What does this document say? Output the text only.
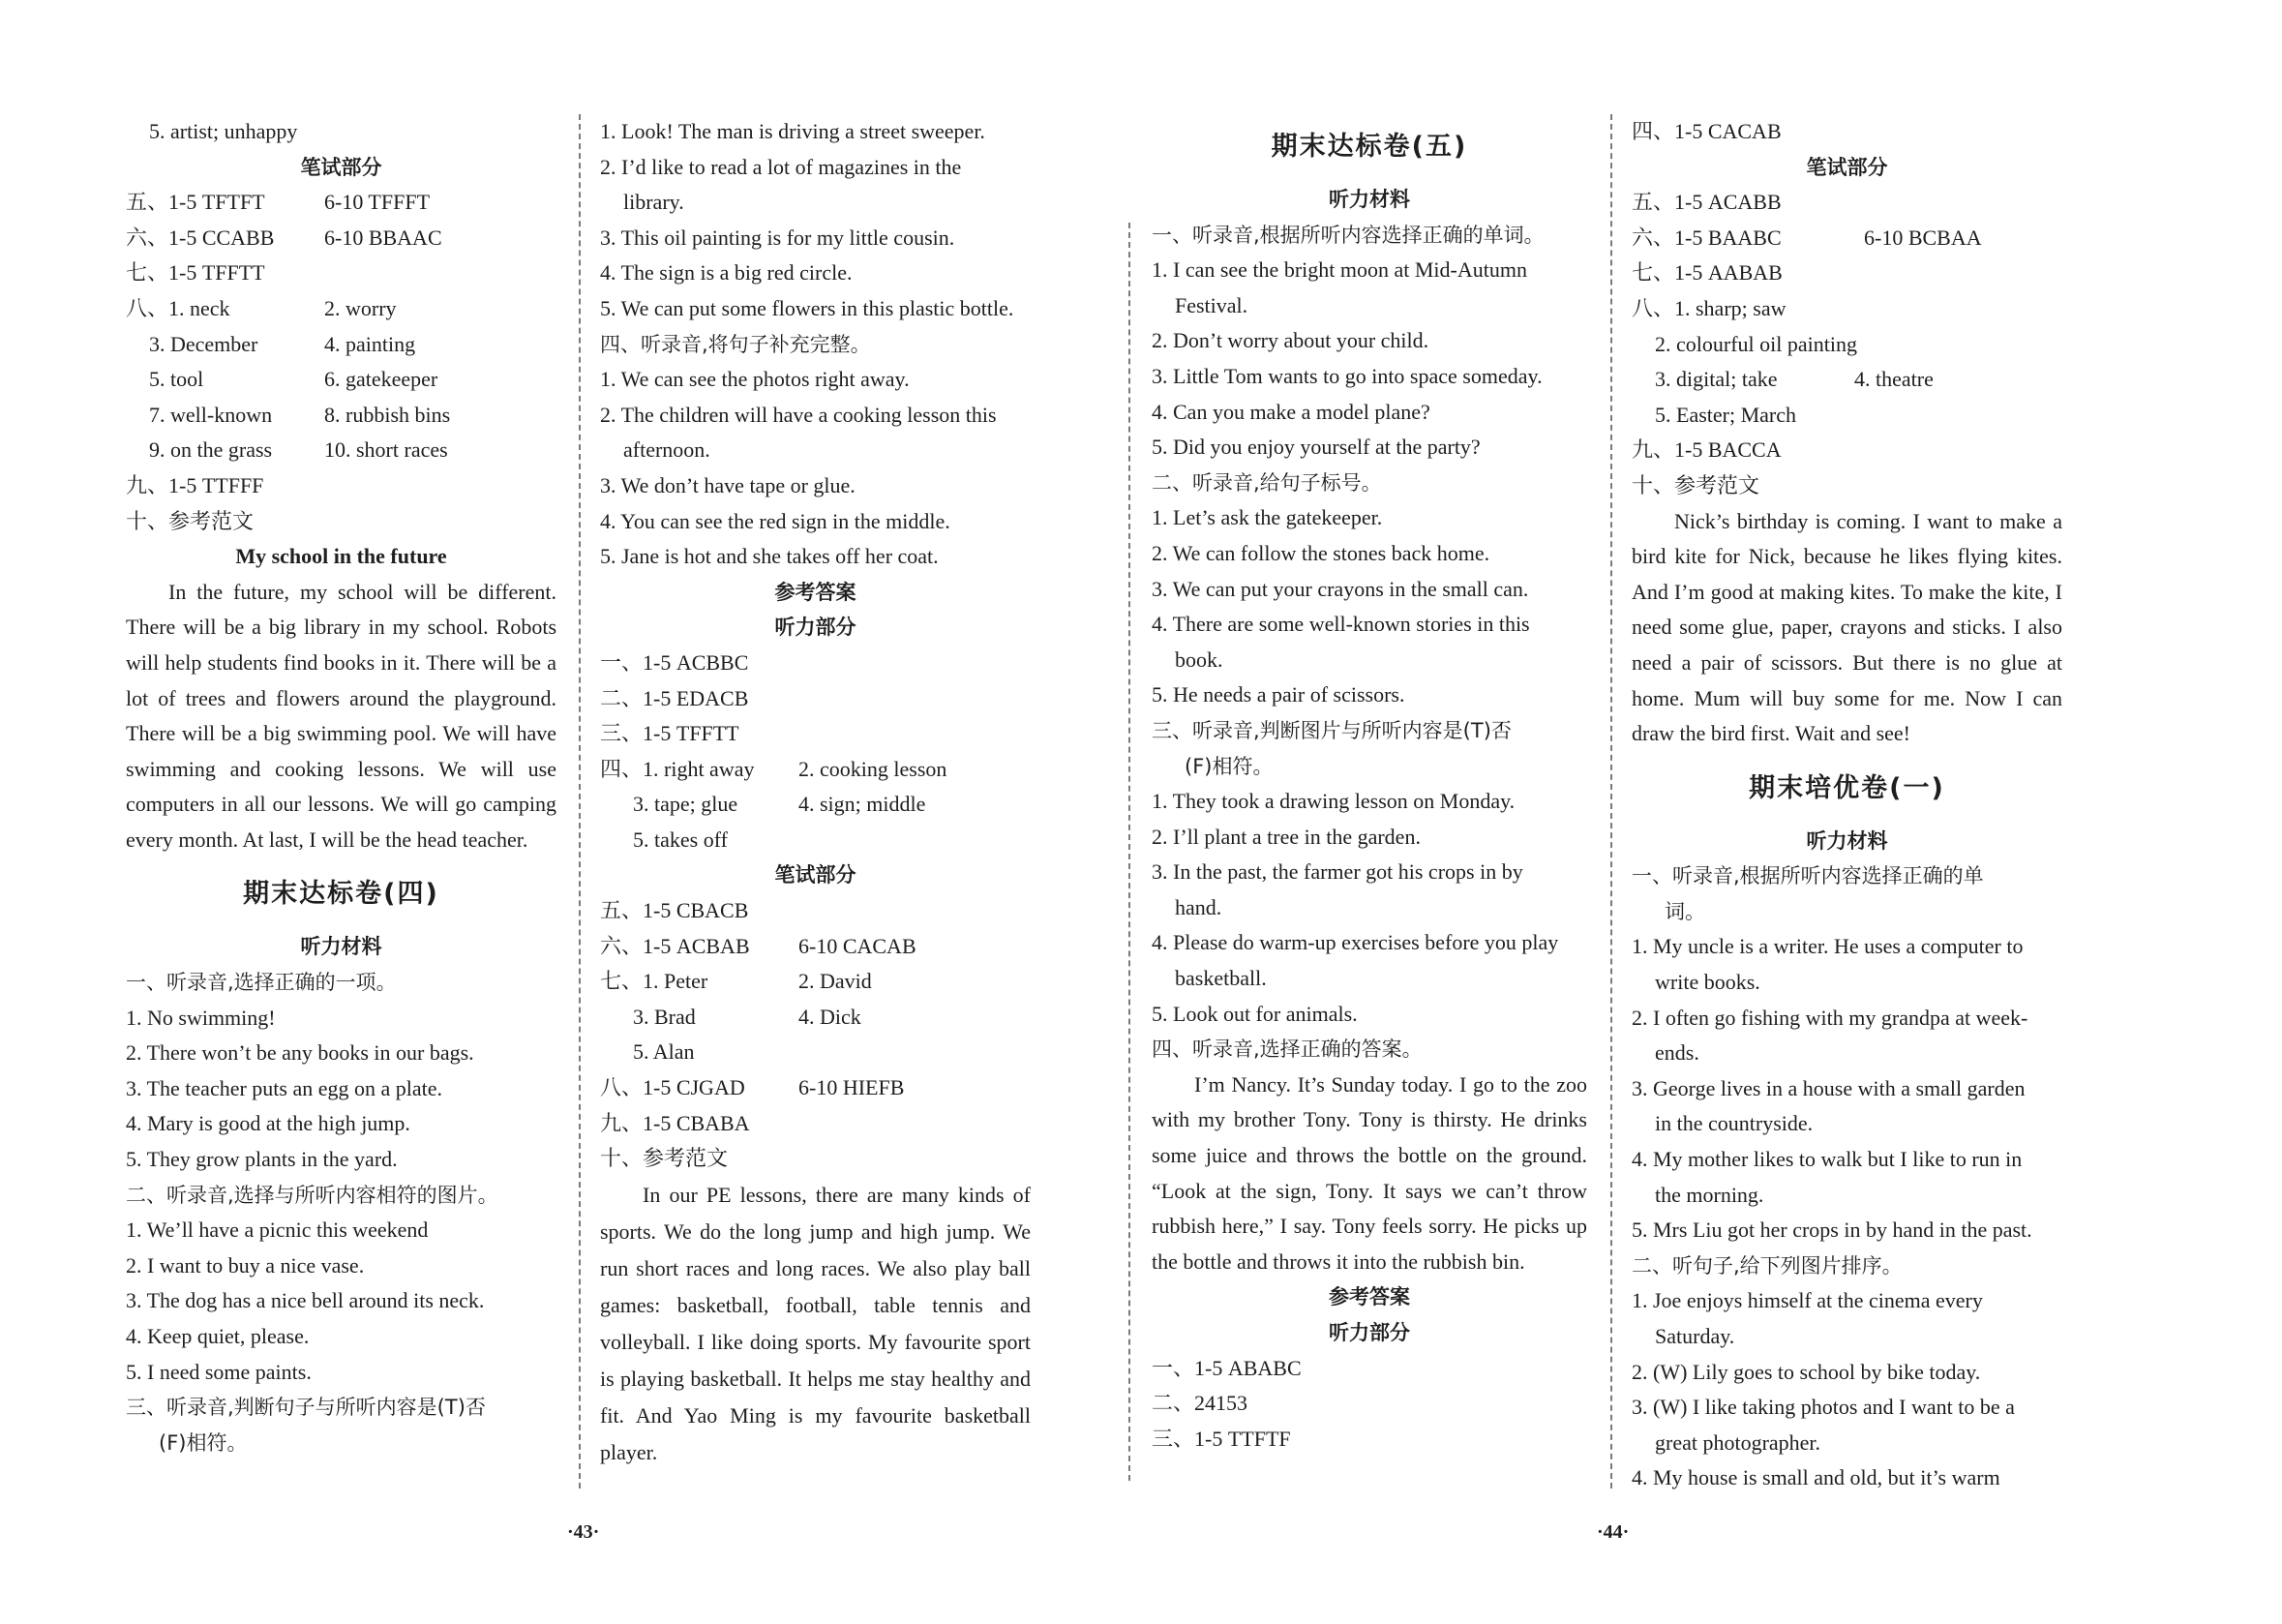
5. artist; unhappy
笔试部分
五、1-5 TFTFT	6-10 TFFFT
六、1-5 CCABB	6-10 BBAAC
七、1-5 TFFTT
八、1. neck	2. worry
3. December	4. painting
5. tool	6. gatekeeper
7. well-known	8. rubbish bins
9. on the grass	10. short races
九、1-5 TTFFF
十、参考范文
My school in the future
In the future, my school will be different. There will be a big library in my school. Robots will help students find books in it. There will be a lot of trees and flowers around the playground. There will be a big swimming pool. We will have swimming and cooking lessons. We will use computers in all our lessons. We will go camping every month. At last, I will be the head teacher.
期末达标卷(四)
听力材料
一、听录音,选择正确的一项。
1. No swimming!
2. There won’t be any books in our bags.
3. The teacher puts an egg on a plate.
4. Mary is good at the high jump.
5. They grow plants in the yard.
二、听录音,选择与所听内容相符的图片。
1. We’ll have a picnic this weekend
2. I want to buy a nice vase.
3. The dog has a nice bell around its neck.
4. Keep quiet, please.
5. I need some paints.
三、听录音,判断句子与所听内容是(T)否
(F)相符。
1. Look! The man is driving a street sweeper.
2. I’d like to read a lot of magazines in the
library.
3. This oil painting is for my little cousin.
4. The sign is a big red circle.
5. We can put some flowers in this plastic bottle.
四、听录音,将句子补充完整。
1. We can see the photos right away.
2. The children will have a cooking lesson this
afternoon.
3. We don’t have tape or glue.
4. You can see the red sign in the middle.
5. Jane is hot and she takes off her coat.
参考答案
听力部分
一、1-5 ACBBC
二、1-5 EDACB
三、1-5 TFFTT
四、1. right away	2. cooking lesson
3. tape; glue	4. sign; middle
5. takes off
笔试部分
五、1-5 CBACB
六、1-5 ACBAB	6-10 CACAB
七、1. Peter	2. David
3. Brad	4. Dick
5. Alan
八、1-5 CJGAD	6-10 HIEFB
九、1-5 CBABA
十、参考范文
In our PE lessons, there are many kinds of sports. We do the long jump and high jump. We run short races and long races. We also play ball games: basketball, football, table tennis and volleyball. I like doing sports. My favourite sport is playing basketball. It helps me stay healthy and fit. And Yao Ming is my favourite basketball player.
期末达标卷(五)
听力材料
一、听录音,根据所听内容选择正确的单词。
1. I can see the bright moon at Mid-Autumn
Festival.
2. Don’t worry about your child.
3. Little Tom wants to go into space someday.
4. Can you make a model plane?
5. Did you enjoy yourself at the party?
二、听录音,给句子标号。
1. Let’s ask the gatekeeper.
2. We can follow the stones back home.
3. We can put your crayons in the small can.
4. There are some well-known stories in this
book.
5. He needs a pair of scissors.
三、听录音,判断图片与所听内容是(T)否
(F)相符。
1. They took a drawing lesson on Monday.
2. I’ll plant a tree in the garden.
3. In the past, the farmer got his crops in by
hand.
4. Please do warm-up exercises before you play
basketball.
5. Look out for animals.
四、听录音,选择正确的答案。
I’m Nancy. It’s Sunday today. I go to the zoo with my brother Tony. Tony is thirsty. He drinks some juice and throws the bottle on the ground. “Look at the sign, Tony. It says we can’t throw rubbish here,” I say. Tony feels sorry. He picks up the bottle and throws it into the rubbish bin.
参考答案
听力部分
一、1-5 ABABC
二、24153
三、1-5 TTFTF
四、1-5 CACAB
笔试部分
五、1-5 ACABB
六、1-5 BAABC	6-10 BCBAA
七、1-5 AABAB
八、1. sharp; saw
2. colourful oil painting
3. digital; take	4. theatre
5. Easter; March
九、1-5 BACCA
十、参考范文
Nick’s birthday is coming. I want to make a bird kite for Nick, because he likes flying kites. And I’m good at making kites. To make the kite, I need some glue, paper, crayons and sticks. I also need a pair of scissors. But there is no glue at home. Mum will buy some for me. Now I can draw the bird first. Wait and see!
期末培优卷(一)
听力材料
一、听录音,根据所听内容选择正确的单
词。
1. My uncle is a writer. He uses a computer to
write books.
2. I often go fishing with my grandpa at week-
ends.
3. George lives in a house with a small garden
in the countryside.
4. My mother likes to walk but I like to run in
the morning.
5. Mrs Liu got her crops in by hand in the past.
二、听句子,给下列图片排序。
1. Joe enjoys himself at the cinema every
Saturday.
2. (W) Lily goes to school by bike today.
3. (W) I like taking photos and I want to be a
great photographer.
4. My house is small and old, but it’s warm
·43·	·44·
